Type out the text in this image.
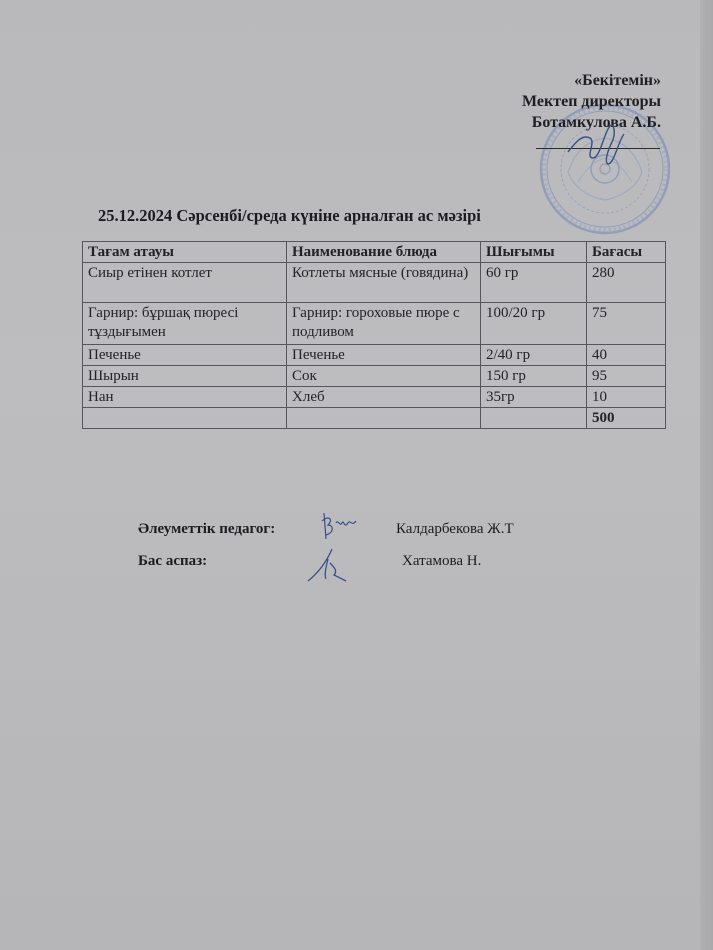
«Бекітемін»
Мектеп директоры
Ботамкулова А.Б.
25.12.2024 Сәрсенбі/среда күніне арналған ас мәзірі
Тағам атауы	Наименование блюда	Шығымы	Бағасы
Сиыр етінен котлет	Котлеты мясные (говядина)	60 гр	280
Гарнир: бұршақ пюресі тұздығымен	Гарнир: гороховые пюре с подливом	100/20 гр	75
Печенье	Печенье	2/40 гр	40
Шырын	Сок	150 гр	95
Нан	Хлеб	35гр	10
			500
Әлеуметтік педагог:	Калдарбекова Ж.Т
Бас аспаз:	Хатамова Н.
